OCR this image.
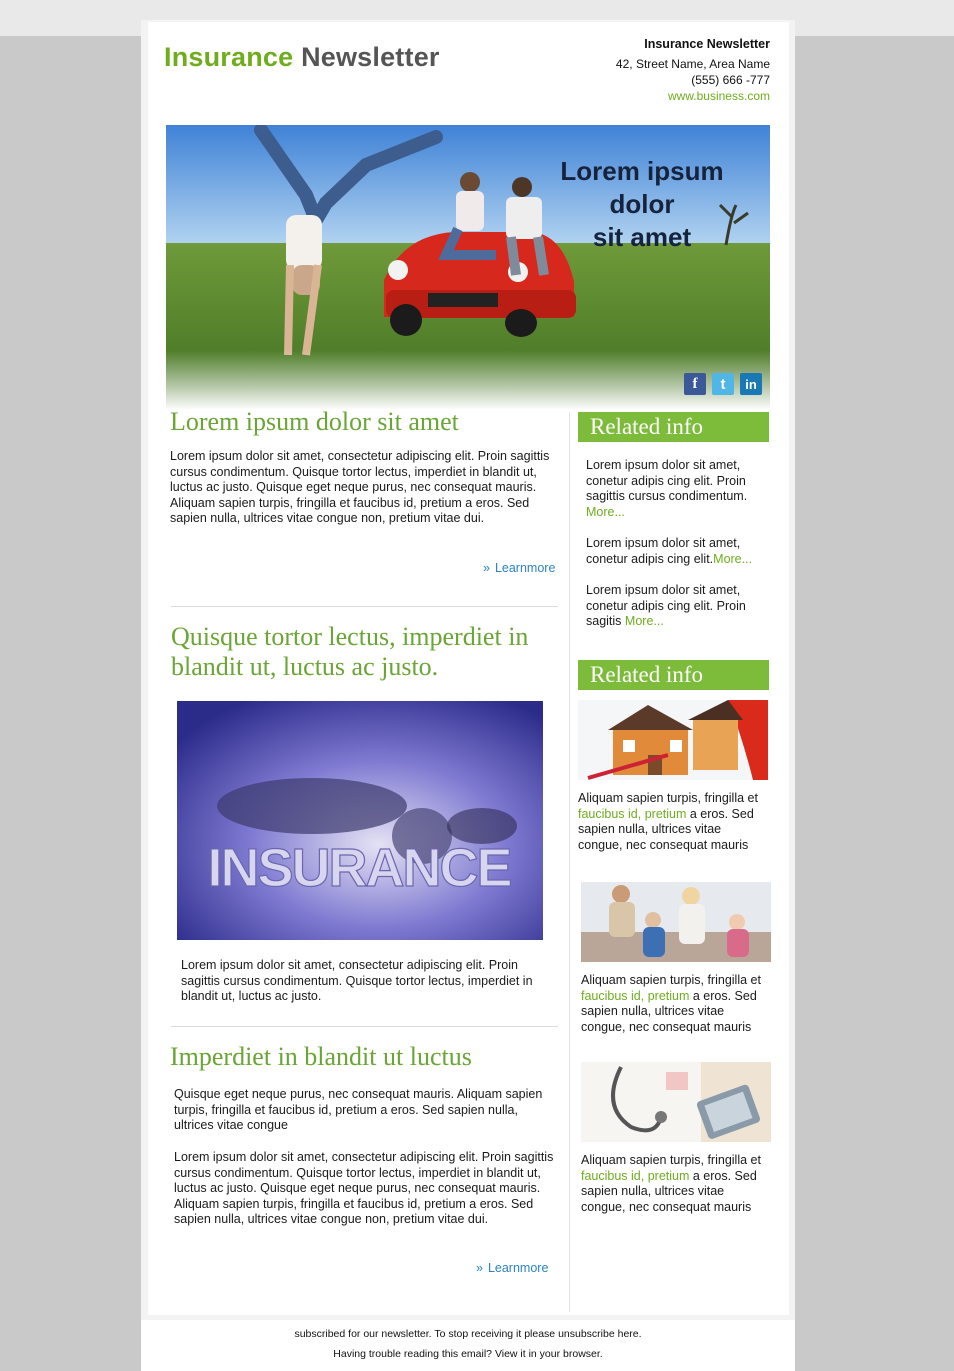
Insurance Newsletter	Insurance Newsletter
42, Street Name, Area Name
(555) 666 -777
www.business.com
Lorem ipsum dolor
sit amet
f	t	in
Lorem ipsum dolor sit amet

Lorem ipsum dolor sit amet, consectetur adipiscing elit. Proin sagittis cursus condimentum. Quisque tortor lectus, imperdiet in blandit ut, luctus ac justo. Quisque eget neque purus, nec consequat mauris. Aliquam sapien turpis, fringilla et faucibus id, pretium a eros. Sed sapien nulla, ultrices vitae congue non, pretium vitae dui.

» Learnmore
Quisque tortor lectus, imperdiet in blandit ut, luctus ac justo.
INSURANCE

Lorem ipsum dolor sit amet, consectetur adipiscing elit. Proin sagittis cursus condimentum. Quisque tortor lectus, imperdiet in blandit ut, luctus ac justo.

Imperdiet in blandit ut luctus

Quisque eget neque purus, nec consequat mauris. Aliquam sapien turpis, fringilla et faucibus id, pretium a eros. Sed sapien nulla, ultrices vitae congue

Lorem ipsum dolor sit amet, consectetur adipiscing elit. Proin sagittis cursus condimentum. Quisque tortor lectus, imperdiet in blandit ut, luctus ac justo. Quisque eget neque purus, nec consequat mauris. Aliquam sapien turpis, fringilla et faucibus id, pretium a eros. Sed sapien nulla, ultrices vitae congue non, pretium vitae dui.

» Learnmore
Related info
Lorem ipsum dolor sit amet, conetur adipis cing elit. Proin sagittis cursus condimentum. More...
Lorem ipsum dolor sit amet, conetur adipis cing elit.More...
Lorem ipsum dolor sit amet, conetur adipis cing elit. Proin sagitis More...
Related info
Aliquam sapien turpis, fringilla et faucibus id, pretium a eros. Sed sapien nulla, ultrices vitae congue, nec consequat mauris
Aliquam sapien turpis, fringilla et faucibus id, pretium a eros. Sed sapien nulla, ultrices vitae congue, nec consequat mauris
Aliquam sapien turpis, fringilla et faucibus id, pretium a eros. Sed sapien nulla, ultrices vitae congue, nec consequat mauris
subscribed for our newsletter. To stop receiving it please unsubscribe here.
Having trouble reading this email? View it in your browser.
